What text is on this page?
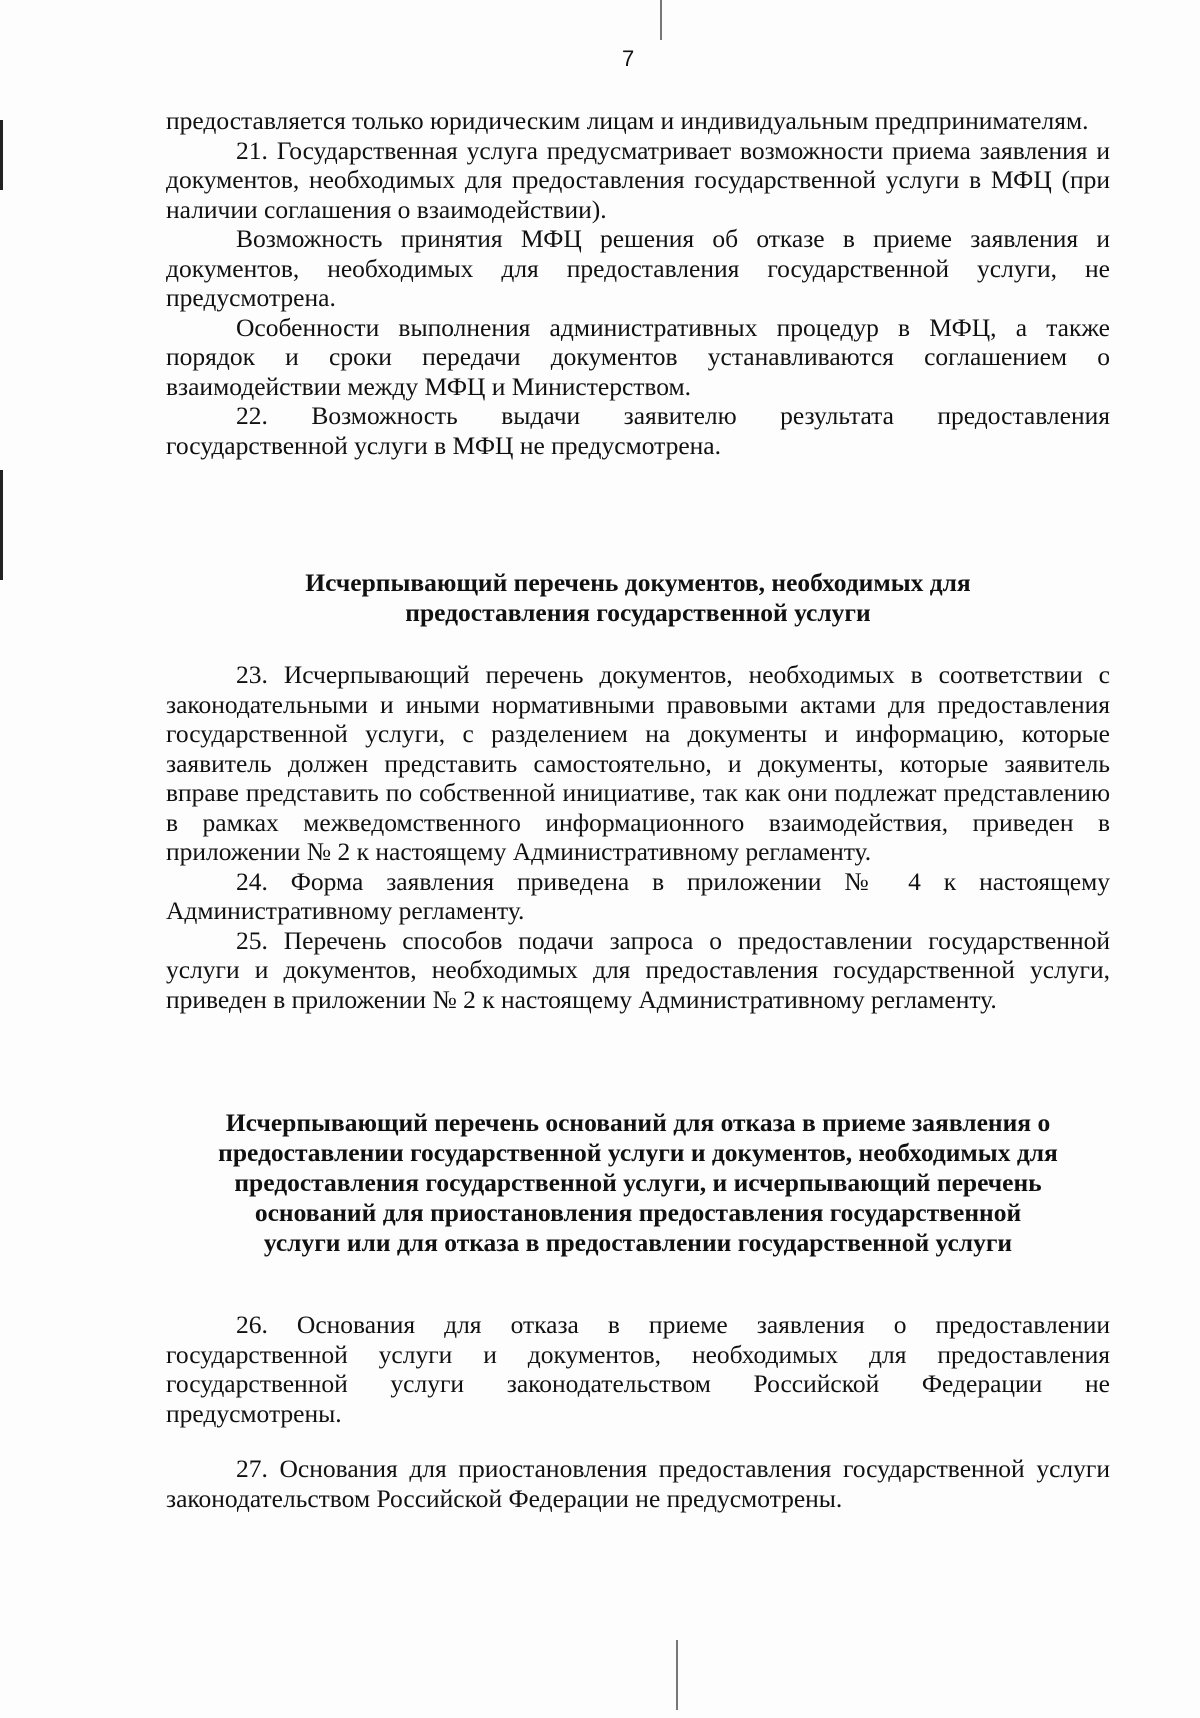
7

предоставляется только юридическим лицам и индивидуальным предпринимателям.

21. Государственная услуга предусматривает возможности приема заявления и документов, необходимых для предоставления государственной услуги в МФЦ (при наличии соглашения о взаимодействии).

Возможность принятия МФЦ решения об отказе в приеме заявления и документов, необходимых для предоставления государственной услуги, не предусмотрена.

Особенности выполнения административных процедур в МФЦ, а также порядок и сроки передачи документов устанавливаются соглашением о взаимодействии между МФЦ и Министерством.

22. Возможность выдачи заявителю результата предоставления государственной услуги в МФЦ не предусмотрена.

Исчерпывающий перечень документов, необходимых для

предоставления государственной услуги

23. Исчерпывающий перечень документов, необходимых в соответствии с законодательными и иными нормативными правовыми актами для предоставления государственной услуги, с разделением на документы и информацию, которые заявитель должен представить самостоятельно, и документы, которые заявитель вправе представить по собственной инициативе, так как они подлежат представлению в рамках межведомственного информационного взаимодействия, приведен в приложении № 2 к настоящему Административному регламенту.

24. Форма заявления приведена в приложении № 4 к настоящему Административному регламенту.

25. Перечень способов подачи запроса о предоставлении государственной услуги и документов, необходимых для предоставления государственной услуги, приведен в приложении № 2 к настоящему Административному регламенту.

Исчерпывающий перечень оснований для отказа в приеме заявления о

предоставлении государственной услуги и документов, необходимых для

предоставления государственной услуги, и исчерпывающий перечень

оснований для приостановления предоставления государственной

услуги или для отказа в предоставлении государственной услуги

26. Основания для отказа в приеме заявления о предоставлении государственной услуги и документов, необходимых для предоставления государственной услуги законодательством Российской Федерации не предусмотрены.

27. Основания для приостановления предоставления государственной услуги законодательством Российской Федерации не предусмотрены.
